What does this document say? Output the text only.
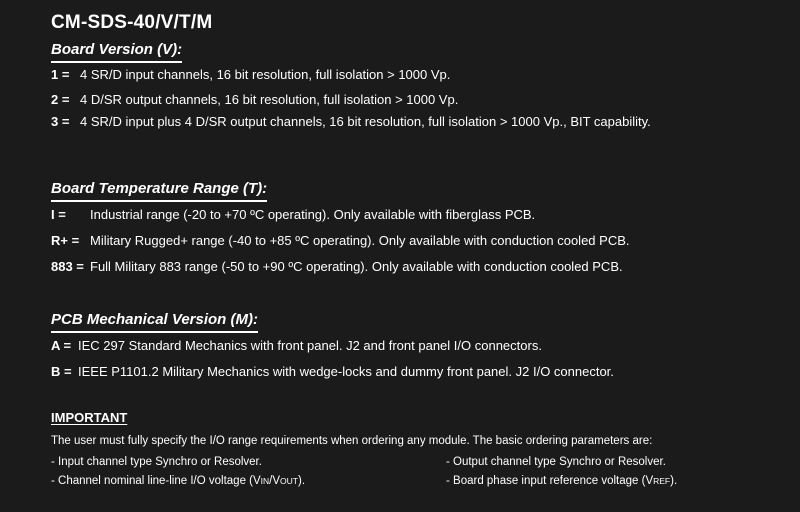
CM-SDS-40/V/T/M
Board Version (V):
1 = 4 SR/D input channels, 16 bit resolution, full isolation > 1000 Vp.
2 = 4 D/SR output channels, 16 bit resolution, full isolation > 1000 Vp.
3 = 4 SR/D input plus 4 D/SR output channels, 16 bit resolution, full isolation > 1000 Vp., BIT capability.
Board Temperature Range (T):
I = Industrial range (-20 to +70 ºC operating). Only available with fiberglass PCB.
R+ = Military Rugged+ range (-40 to +85 ºC operating). Only available with conduction cooled PCB.
883 = Full Military 883 range (-50 to +90 ºC operating). Only available with conduction cooled PCB.
PCB Mechanical Version (M):
A = IEC 297 Standard Mechanics with front panel. J2 and front panel I/O connectors.
B = IEEE P1101.2 Military Mechanics with wedge-locks and dummy front panel. J2 I/O connector.
IMPORTANT
The user must fully specify the I/O range requirements when ordering any module. The basic ordering parameters are:
- Input channel type Synchro or Resolver.	- Output channel type Synchro or Resolver.
- Channel nominal line-line I/O voltage (VIN/VOUT).	- Board phase input reference voltage (VREF).
